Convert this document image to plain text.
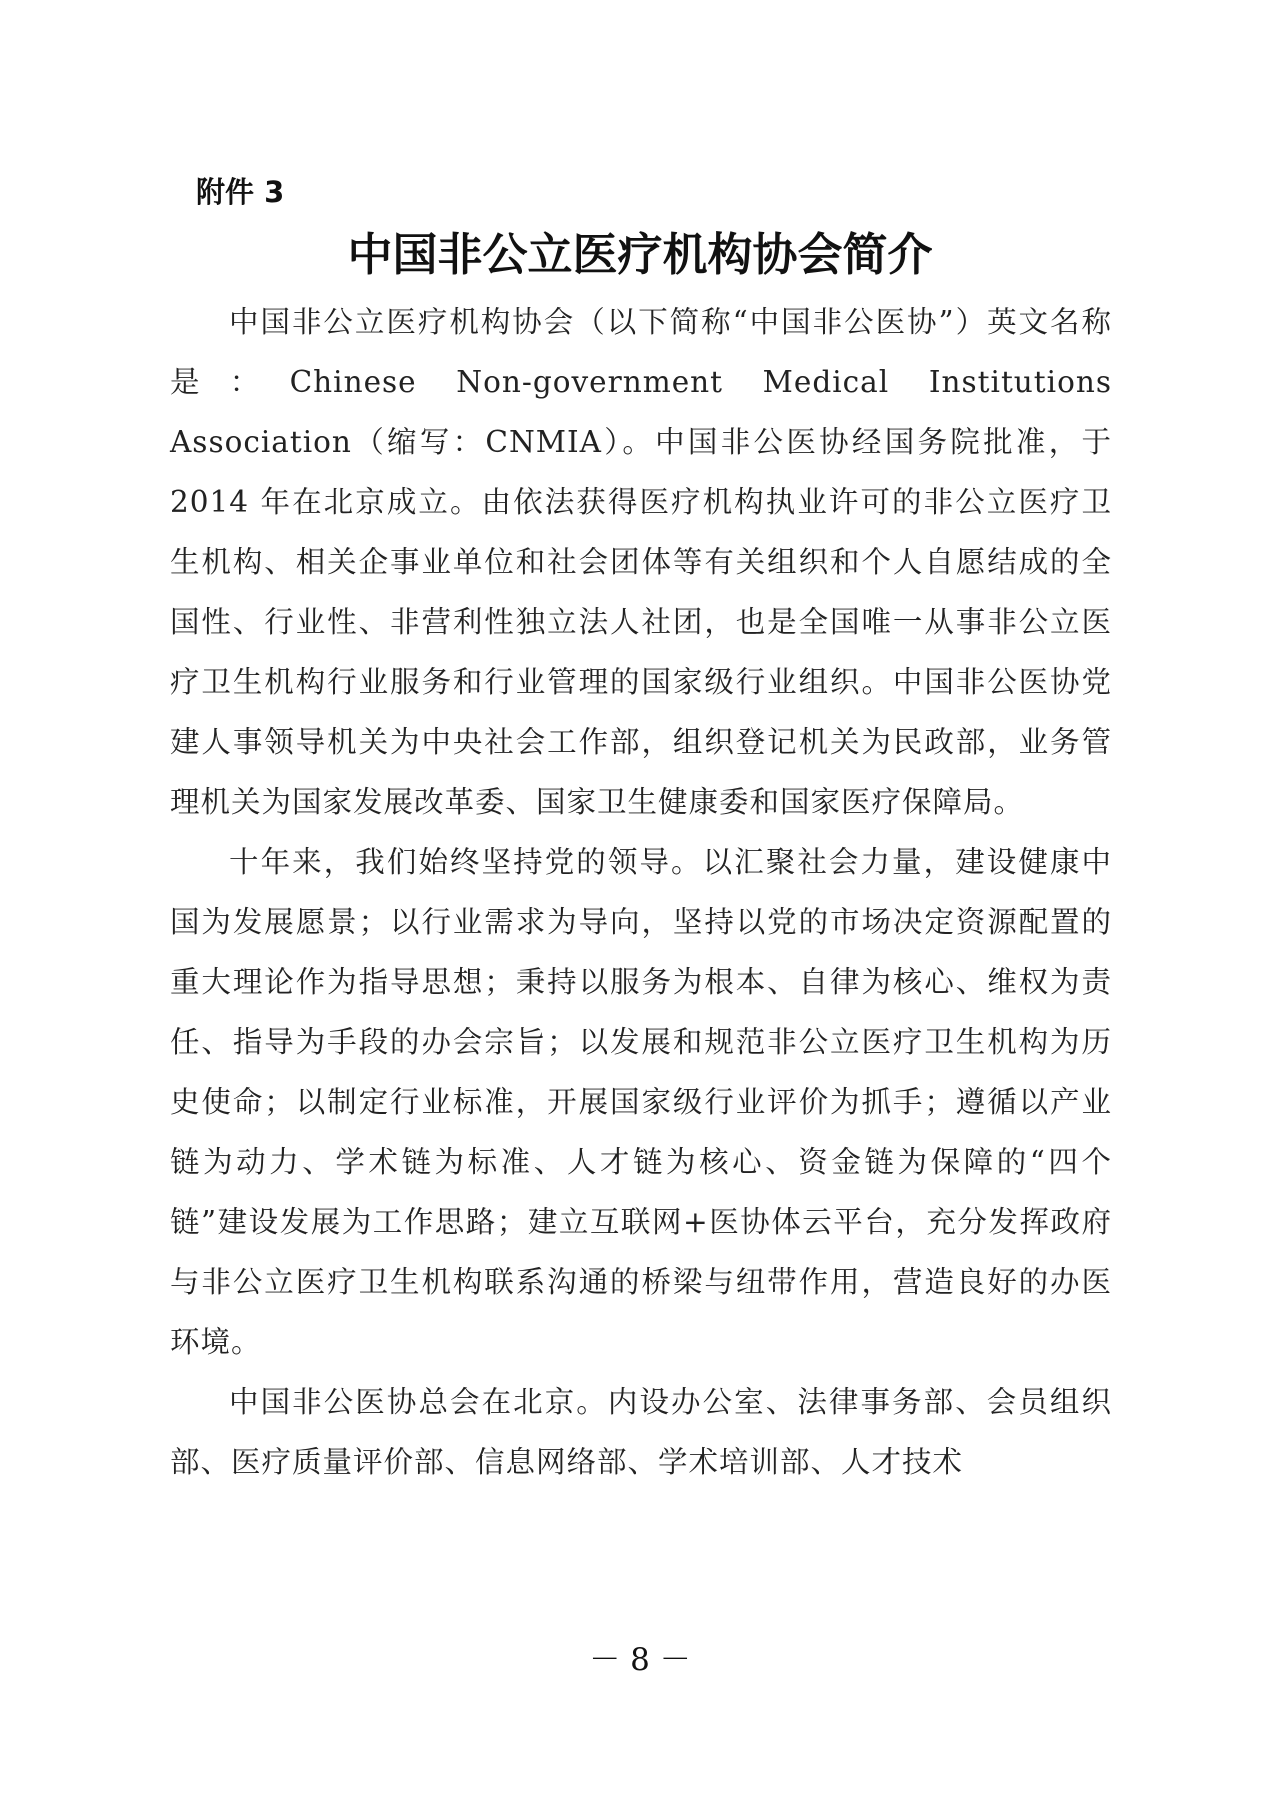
附件 3
中国非公立医疗机构协会简介

中国非公立医疗机构协会（以下简称“中国非公医协”）英文名称是：Chinese Non-government Medical Institutions Association（缩写：CNMIA）。中国非公医协经国务院批准，于2014 年在北京成立。由依法获得医疗机构执业许可的非公立医疗卫生机构、相关企事业单位和社会团体等有关组织和个人自愿结成的全国性、行业性、非营利性独立法人社团，也是全国唯一从事非公立医疗卫生机构行业服务和行业管理的国家级行业组织。中国非公医协党建人事领导机关为中央社会工作部，组织登记机关为民政部，业务管理机关为国家发展改革委、国家卫生健康委和国家医疗保障局。

十年来，我们始终坚持党的领导。以汇聚社会力量，建设健康中国为发展愿景；以行业需求为导向，坚持以党的市场决定资源配置的重大理论作为指导思想；秉持以服务为根本、自律为核心、维权为责任、指导为手段的办会宗旨；以发展和规范非公立医疗卫生机构为历史使命；以制定行业标准，开展国家级行业评价为抓手；遵循以产业链为动力、学术链为标准、人才链为核心、资金链为保障的“四个链”建设发展为工作思路；建立互联网+医协体云平台，充分发挥政府与非公立医疗卫生机构联系沟通的桥梁与纽带作用，营造良好的办医环境。

中国非公医协总会在北京。内设办公室、法律事务部、会员组织部、医疗质量评价部、信息网络部、学术培训部、人才技术

－ 8 －
